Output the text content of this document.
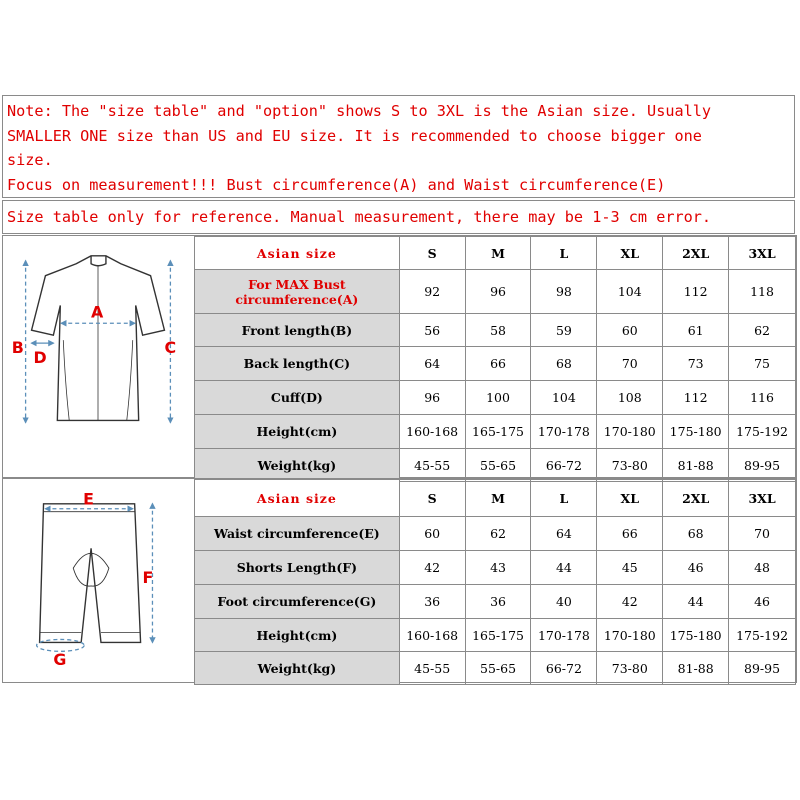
Note: The "size table" and "option" shows S to 3XL is the Asian size. Usually
SMALLER ONE size than US and EU size. It is recommended to choose bigger one
size.
Focus on measurement!!! Bust circumference(A) and Waist circumference(E)
Size table only for reference. Manual measurement, there may be 1-3 cm error.
A
B	C
D
Asian size	S	M	L	XL	2XL	3XL
For MAX Bust circumference(A)	92	96	98	104	112	118
Front length(B)	56	58	59	60	61	62
Back length(C)	64	66	68	70	73	75
Cuff(D)	96	100	104	108	112	116
Height(cm)	160-168	165-175	170-178	170-180	175-180	175-192
Weight(kg)	45-55	55-65	66-72	73-80	81-88	89-95
E
F
G
Asian size	S	M	L	XL	2XL	3XL
Waist circumference(E)	60	62	64	66	68	70
Shorts Length(F)	42	43	44	45	46	48
Foot circumference(G)	36	36	40	42	44	46
Height(cm)	160-168	165-175	170-178	170-180	175-180	175-192
Weight(kg)	45-55	55-65	66-72	73-80	81-88	89-95
